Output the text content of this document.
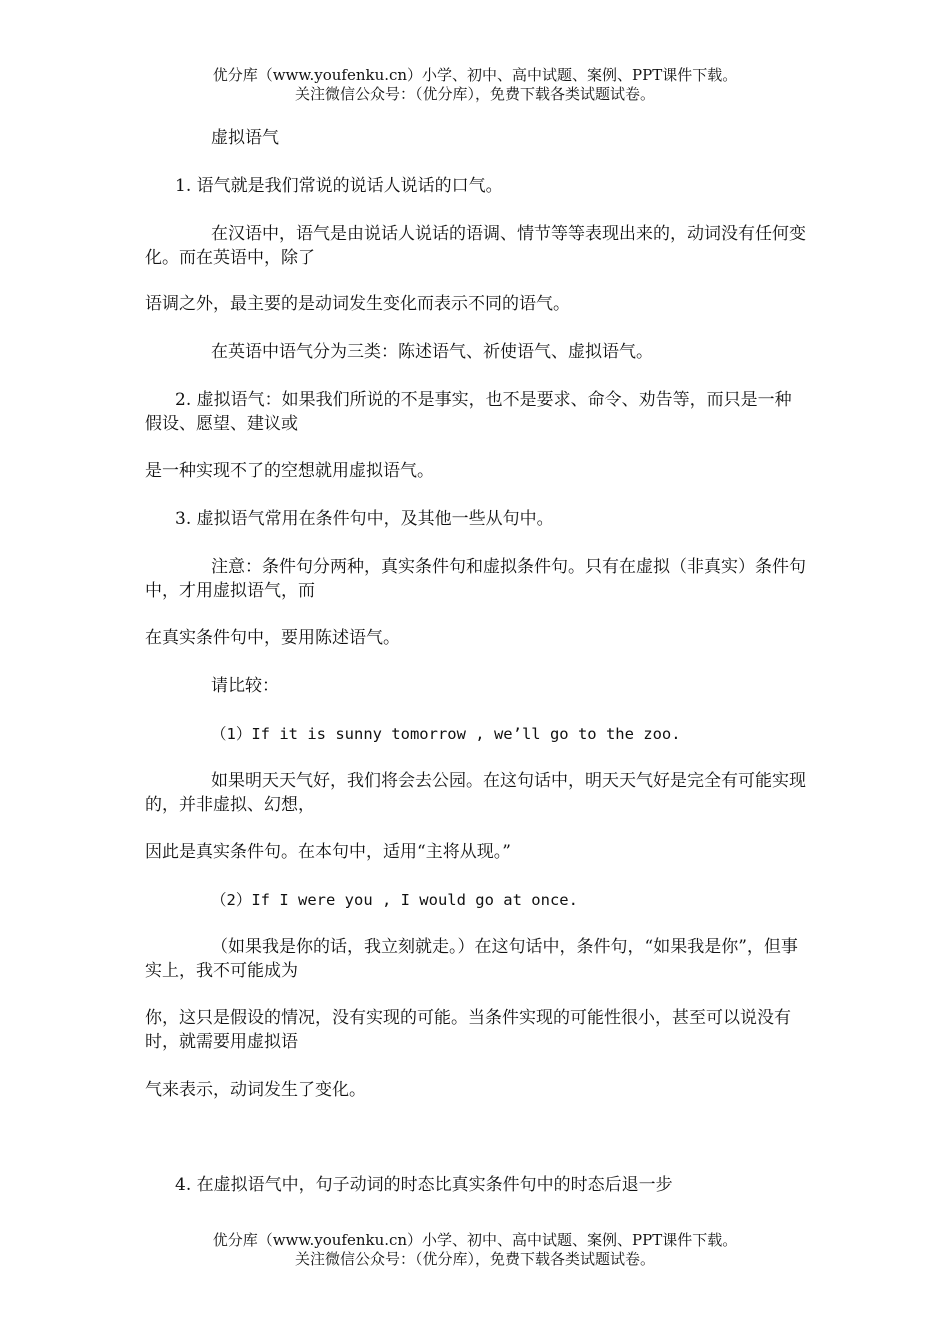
优分库（www.youfenku.cn）小学、初中、高中试题、案例、PPT课件下载。
关注微信公众号：（优分库），免费下载各类试题试卷。
虚拟语气
1. 语气就是我们常说的说话人说话的口气。
在汉语中，语气是由说话人说话的语调、情节等等表现出来的，动词没有任何变化。而在英语中，除了
语调之外，最主要的是动词发生变化而表示不同的语气。
在英语中语气分为三类：陈述语气、祈使语气、虚拟语气。
2. 虚拟语气：如果我们所说的不是事实，也不是要求、命令、劝告等，而只是一种假设、愿望、建议或
是一种实现不了的空想就用虚拟语气。
3. 虚拟语气常用在条件句中，及其他一些从句中。
注意：条件句分两种，真实条件句和虚拟条件句。只有在虚拟（非真实）条件句中，才用虚拟语气，而
在真实条件句中，要用陈述语气。
请比较：
（1）If it is sunny tomorrow , we’ll go to the zoo.
如果明天天气好，我们将会去公园。在这句话中，明天天气好是完全有可能实现的，并非虚拟、幻想，
因此是真实条件句。在本句中，适用“主将从现。”
（2）If I were you , I would go at once.
（如果我是你的话，我立刻就走。）在这句话中，条件句，“如果我是你”，但事实上，我不可能成为
你，这只是假设的情况，没有实现的可能。当条件实现的可能性很小，甚至可以说没有时，就需要用虚拟语
气来表示，动词发生了变化。
4. 在虚拟语气中，句子动词的时态比真实条件句中的时态后退一步
优分库（www.youfenku.cn）小学、初中、高中试题、案例、PPT课件下载。
关注微信公众号：（优分库），免费下载各类试题试卷。
